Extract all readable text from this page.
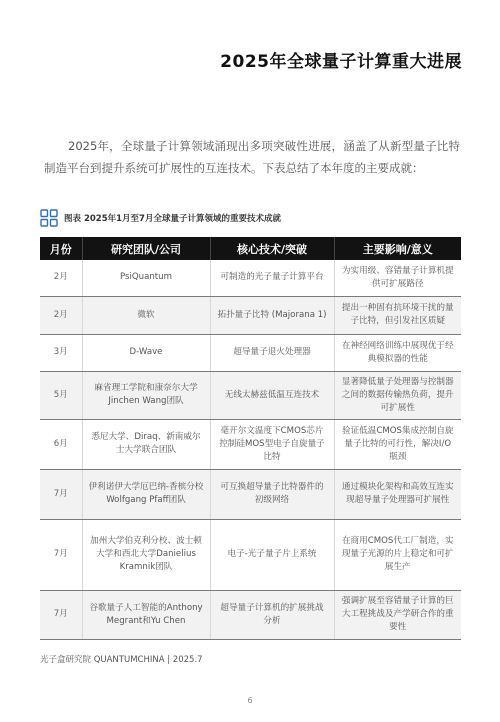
2025年全球量子计算重大进展

2025年，全球量子计算领域涌现出多项突破性进展，涵盖了从新型量子比特制造平台到提升系统可扩展性的互连技术。下表总结了本年度的主要成就：

图表 2025年1月至7月全球量子计算领域的重要技术成就
月份	研究团队/公司	核心技术/突破	主要影响/意义
2月	PsiQuantum	可制造的光子量子计算平台	为实用级、容错量子计算机提供可扩展路径
2月	微软	拓扑量子比特 (Majorana 1)	提出一种固有抗环境干扰的量子比特，但引发社区质疑
3月	D-Wave	超导量子退火处理器	在神经网络训练中展现优于经典模拟器的性能
5月	麻省理工学院和康奈尔大学Jinchen Wang团队	无线太赫兹低温互连技术	显著降低量子处理器与控制器之间的数据传输热负荷，提升可扩展性
6月	悉尼大学、Diraq、新南威尔士大学联合团队	毫开尔文温度下CMOS芯片控制硅MOS型电子自旋量子比特	验证低温CMOS集成控制自旋量子比特的可行性，解决I/O瓶颈
7月	伊利诺伊大学厄巴纳-香槟分校Wolfgang Pfaff团队	可互换超导量子比特器件的初级网络	通过模块化架构和高效互连实现超导量子处理器可扩展性
7月	加州大学伯克利分校、波士顿大学和西北大学Danielius Kramnik团队	电子-光子量子片上系统	在商用CMOS代工厂制造，实现量子光源的片上稳定和可扩展生产
7月	谷歌量子人工智能的Anthony Megrant和Yu Chen	超导量子计算机的扩展挑战分析	强调扩展至容错量子计算的巨大工程挑战及产学研合作的重要性
光子盒研究院 QUANTUMCHINA | 2025.7
6
